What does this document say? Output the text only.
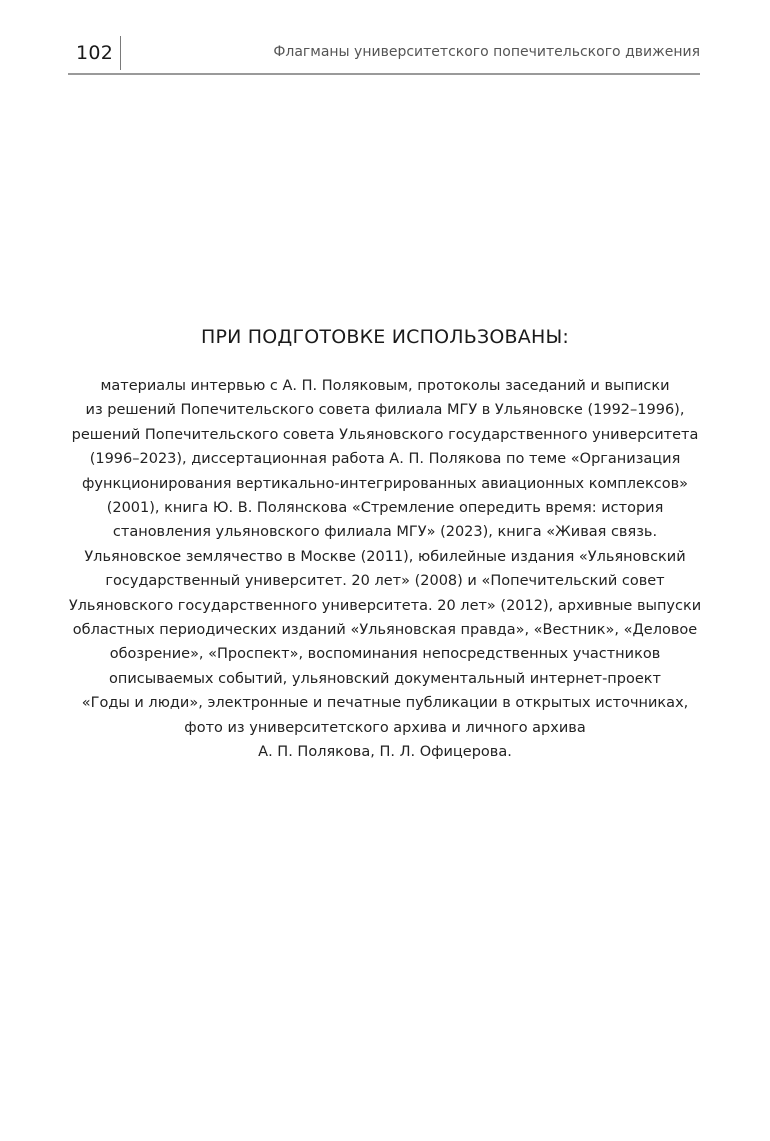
102	Флагманы университетского попечительского движения
ПРИ ПОДГОТОВКЕ ИСПОЛЬЗОВАНЫ:
материалы интервью с А. П. Поляковым, протоколы заседаний и выписки
из решений Попечительского совета филиала МГУ в Ульяновске (1992–1996),
решений Попечительского совета Ульяновского государственного университета
(1996–2023), диссертационная работа А. П. Полякова по теме «Организация
функционирования вертикально-интегрированных авиационных комплексов»
(2001), книга Ю. В. Полянскова «Стремление опередить время: история
становления ульяновского филиала МГУ» (2023), книга «Живая связь.
Ульяновское землячество в Москве (2011), юбилейные издания «Ульяновский
государственный университет. 20 лет» (2008) и «Попечительский совет
Ульяновского государственного университета. 20 лет» (2012), архивные выпуски
областных периодических изданий «Ульяновская правда», «Вестник», «Деловое
обозрение», «Проспект», воспоминания непосредственных участников
описываемых событий, ульяновский документальный интернет-проект
«Годы и люди», электронные и печатные публикации в открытых источниках,
фото из университетского архива и личного архива
А. П. Полякова, П. Л. Офицерова.
